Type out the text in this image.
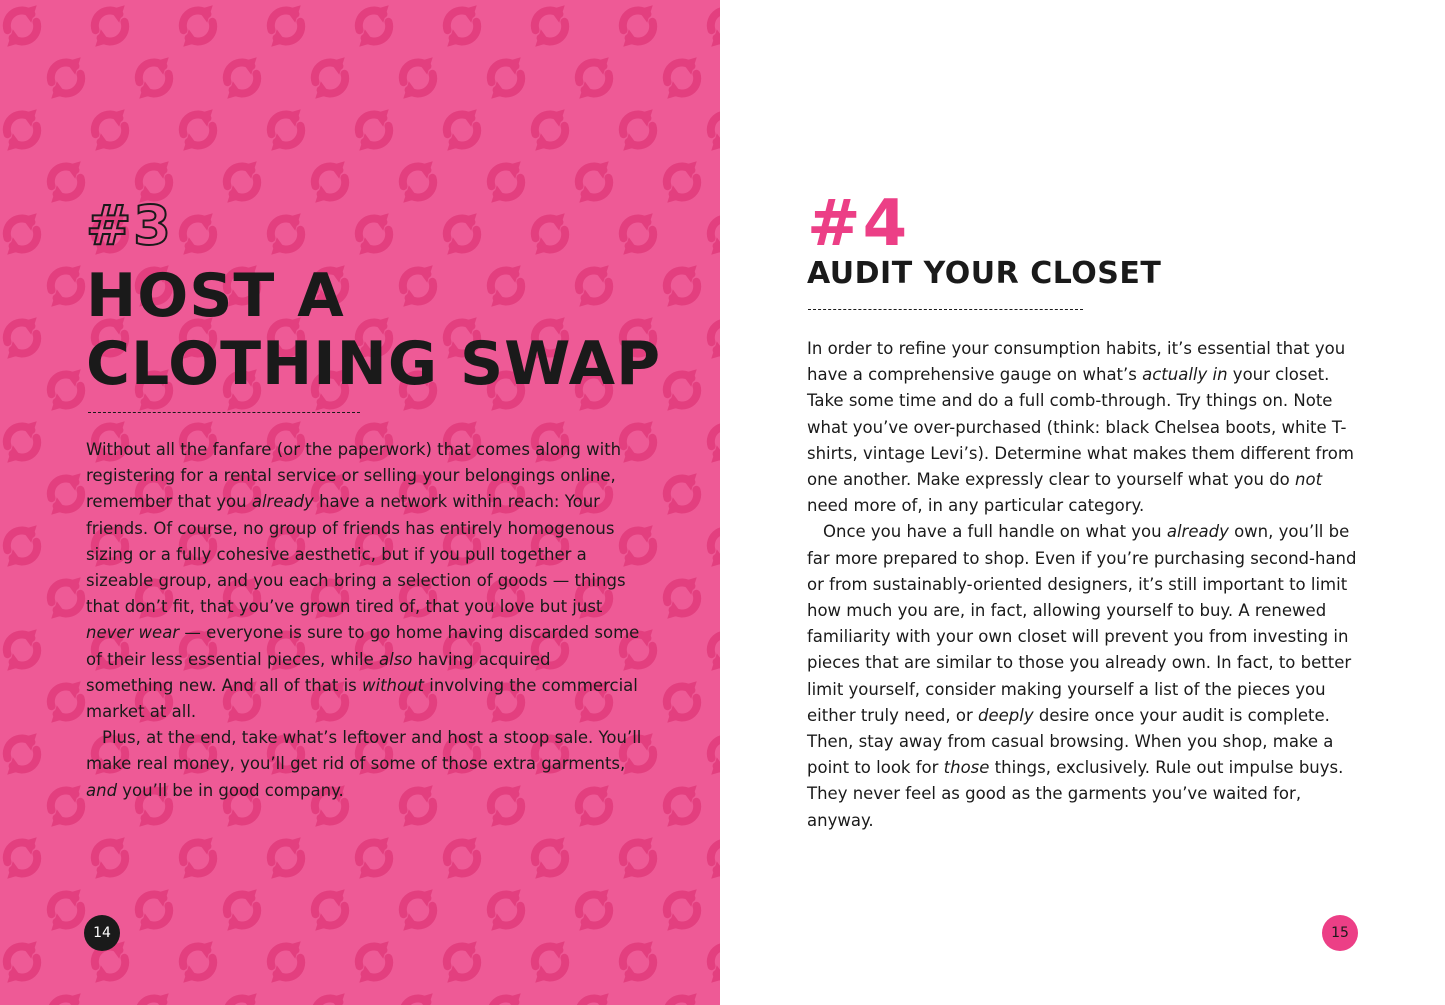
#3
HOST A CLOTHING SWAP

Without all the fanfare (or the paperwork) that comes along with registering for a rental service or selling your belongings online, remember that you already have a network within reach: Your friends. Of course, no group of friends has entirely homogenous sizing or a fully cohesive aesthetic, but if you pull together a sizeable group, and you each bring a selection of goods — things that don’t fit, that you’ve grown tired of, that you love but just never wear — everyone is sure to go home having discarded some of their less essential pieces, while also having acquired something new. And all of that is without involving the commercial market at all.

Plus, at the end, take what’s leftover and host a stoop sale. You’ll make real money, you’ll get rid of some of those extra garments, and you’ll be in good company.

14
#4
AUDIT YOUR CLOSET

In order to refine your consumption habits, it’s essential that you have a comprehensive gauge on what’s actually in your closet. Take some time and do a full comb-through. Try things on. Note what you’ve over-purchased (think: black Chelsea boots, white T-shirts, vintage Levi’s). Determine what makes them different from one another. Make expressly clear to yourself what you do not need more of, in any particular category.

Once you have a full handle on what you already own, you’ll be far more prepared to shop. Even if you’re purchasing second-hand or from sustainably-oriented designers, it’s still important to limit how much you are, in fact, allowing yourself to buy. A renewed familiarity with your own closet will prevent you from investing in pieces that are similar to those you already own. In fact, to better limit yourself, consider making yourself a list of the pieces you either truly need, or deeply desire once your audit is complete. Then, stay away from casual browsing. When you shop, make a point to look for those things, exclusively. Rule out impulse buys. They never feel as good as the garments you’ve waited for, anyway.

15
